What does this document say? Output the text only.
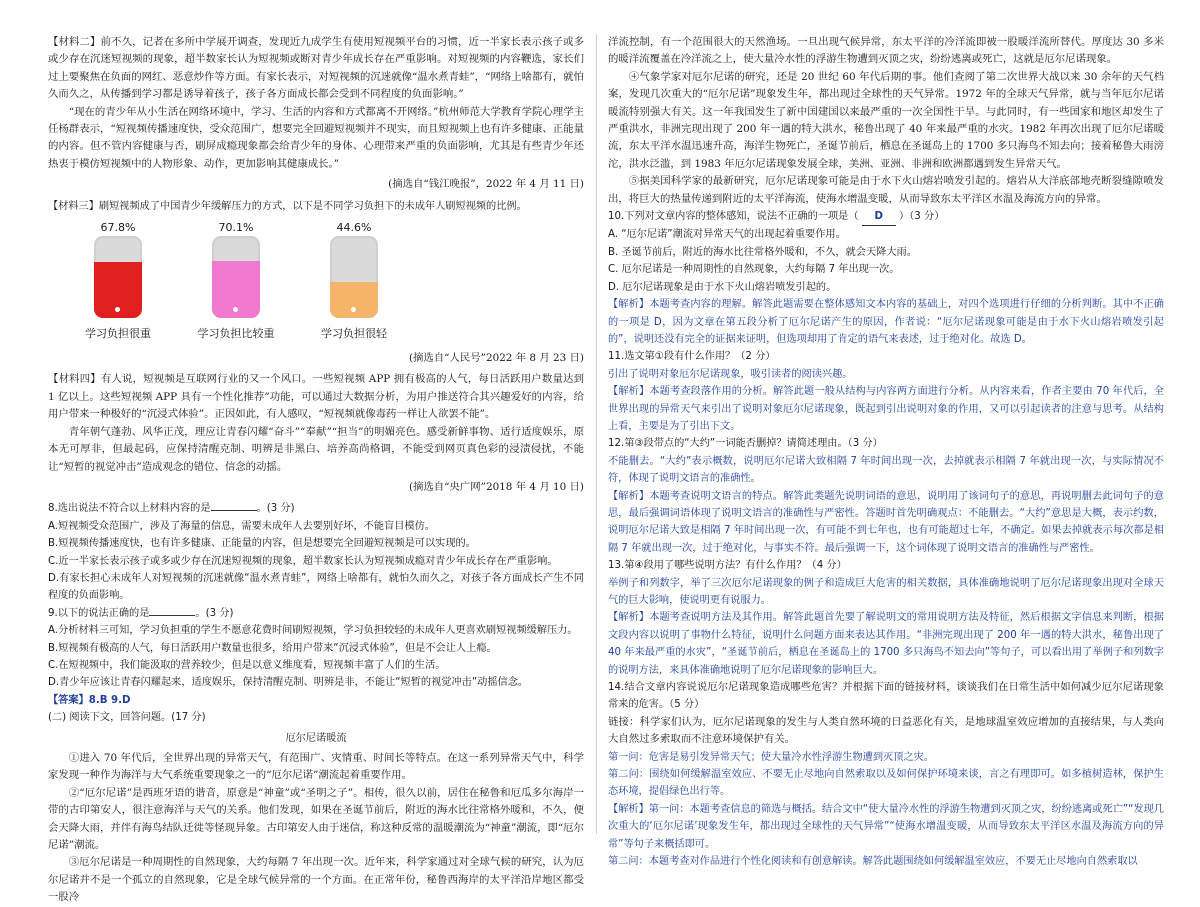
【材料二】前不久，记者在多所中学展开调查，发现近九成学生有使用短视频平台的习惯，近一半家长表示孩子或多或少存在沉迷短视频的现象，超半数家长认为短视频或断对青少年成长存在严重影响。对短视频的内容鞭选，家长们过上要聚焦在负面的网红、恶意炒作等方面。有家长表示，对短视频的沉迷就像“温水煮青蛙”，“网络上啥都有，就怕久而久之，从传播到学习都是诱导着孩子，孩子各方面成长都会受到不同程度的负面影响。”

“现在的青少年从小生活在网络环境中，学习、生活的内容和方式都离不开网络。”杭州师范大学教育学院心理学主任杨群表示，“短视频传播速度快，受众范围广，想要完全回避短视频并不现实，而且短视频上也有许多健康、正能量的内容。但不管内容健康与否，刷屏成瘾现象都会给青少年的身体、心理带来严重的负面影响，尤其是有些青少年还热衷于模仿短视频中的人物形象、动作，更加影响其健康成长。”

(摘选自“钱江晚报”，2022 年 4 月 11 日)

【材料三】刷短视频成了中国青少年缓解压力的方式，以下是不同学习负担下的未成年人刷短视频的比例。

67.8%
学习负担很重
70.1%
学习负担比较重
44.6%
学习负担很轻

(摘选自“人民号”2022 年 8 月 23 日)

【材料四】有人说，短视频是互联网行业的又一个风口。一些短视频 APP 拥有极高的人气，每日活跃用户数量达到 1 亿以上。这些短视频 APP 具有一个性化推荐”功能，可以通过大数据分析，为用户推送符合其兴趣爱好的内容，给用户带来一种极好的“沉浸式体验”。正因如此，有人感叹，“短视频就像毒药一样让人欲罢不能”。

青年朝气蓬勃、风华正茂，理应让青春闪耀“奋斗”“奉献”“担当”的明媚亮色。感受新鲜事物、适行适度娱乐，原本无可厚非，但最起码，应保持清醒克制、明辨是非黑白、培养高尚格调，不能受到网页真色彩的浸渍侵扰，不能让“短暂的视觉冲击”造成观念的错位、信念的动摇。

(摘选自“央广网”2018 年 4 月 10 日)

8.选出说法不符合以上材料内容的是	。(3 分)

A.短视频受众范围广，涉及了海量的信息，需要未成年人去要别好坏，不能盲目模仿。

B.短视频传播速度快，也有许多健康、正能量的内容，但是想要完全回避短视频是可以实现的。

C.近一半家长表示孩子或多或少存在沉迷短视频的现象，超半数家长认为短视频成瘾对青少年成长存在严重影响。

D.有家长担心未成年人对短视频的沉迷就像“温水煮青蛙”，网络上啥都有，就怕久而久之，对孩子各方面成长产生不同程度的负面影响。

9.以下的说法正确的是	。(3 分)

A.分析材料三可知，学习负担重的学生不愿意花费时间刷短视频，学习负担较轻的未成年人更喜欢刷短视频缓解压力。

B.短视频有极高的人气，每日活跃用户数量也很多，给用户带来“沉浸式体验”，但是不会让人上瘾。

C.在短视频中，我们能汲取的营养较少，但是以意义维度看，短视频丰富了人们的生活。

D.青少年应该让青春闪耀起来，适度娱乐，保持清醒克制、明辨是非，不能让“短暂的视觉冲击”动摇信念。

【答案】8.B 9.D

(二) 阅读下文，回答问题。(17 分)

厄尔尼诺暖流

①进入 70 年代后，全世界出现的异常天气，有范围广、灾情重、时间长等特点。在这一系列异常天气中，科学家发现一种作为海洋与大气系统重要现象之一的“厄尔尼诺”潮流起着重要作用。

②“厄尔尼诺”是西班牙语的谐音，原意是“神童”或“圣明之子”。相传，很久以前，居住在秘鲁和厄瓜多尔海岸一带的古印第安人，很注意海洋与天气的关系。他们发现，如果在圣诞节前后，附近的海水比往常格外暖和，不久，便会天降大雨，并伴有海鸟结队迁徙等怪现异象。古印第安人由于迷信，称这种反常的温暖潮流为“神童”潮流，即“厄尔尼诺”潮流。

③厄尔尼诺是一种周期性的自然现象，大约每隔 7 年出现一次。近年来，科学家通过对全球气候的研究，认为厄尔尼诺并不是一个孤立的自然现象，它是全球气候异常的一个方面。在正常年份，秘鲁西海岸的太平洋沿岸地区都受一股冷

洋流控制，有一个范围很大的天然渔场。一旦出现气候异常，东太平洋的冷洋流即被一股暖洋流所替代。厚度达 30 多米的暖洋流覆盖在冷洋流之上，使大量冷水性的浮游生物遭到灭顶之灾，纷纷逃离或死亡，这就是厄尔尼诺现象。

④气象学家对厄尔尼诺的研究，还是 20 世纪 60 年代后期的事。他们查阅了第二次世界大战以来 30 余年的天气档案，发现几次重大的“厄尔尼诺”现象发生年，都出现过全球性的天气异常。1972 年的全球天气异常，就与当年厄尔尼诺暖流特别强大有关。这一年我国发生了新中国建国以来最严重的一次全国性干旱。与此同时，有一些国家和地区却发生了严重洪水，非洲完现出现了 200 年一遇的特大洪水，秘鲁出现了 40 年来最严重的水灾。1982 年再次出现了厄尔尼诺暖流，东太平洋水温迅速升高，海洋生物死亡，圣诞节前后，栖息在圣诞岛上的 1700 多只海鸟不知去向；接着秘鲁大雨滂沱，洪水泛滥，到 1983 年厄尔尼诺现象发展全球，美洲、亚洲、非洲和欧洲都遇到发生异常天气。

⑤据美国科学家的最新研究，厄尔尼诺现象可能是由于水下火山熔岩喷发引起的。熔岩从大洋底部地壳断裂缝隙喷发出，将巨大的热量传递到附近的太平洋海流，使海水增温变暖，从而导致东太平洋区水温及海流方向的异常。

10.下列对文章内容的整体感知，说法不正确的一项是（ D ）（3 分）

A. “厄尔尼诺”潮流对异常天气的出现起着重要作用。

B. 圣诞节前后，附近的海水比往常格外暖和，不久，就会天降大雨。

C. 厄尔尼诺是一种周期性的自然现象，大约每隔 7 年出现一次。

D. 厄尔尼诺现象是由于水下火山熔岩喷发引起的。

【解析】本题考查内容的理解。解答此题需要在整体感知文本内容的基础上，对四个选项进行仔细的分析判断。其中不正确的一项是 D，因为文章在第五段分析了厄尔尼诺产生的原因，作者说：“厄尔尼诺现象可能是由于水下火山熔岩喷发引起的”，说明还没有完全的证据来证明，但选项却用了肯定的语气来表述，过于绝对化。故选 D。

11.选文第①段有什么作用？（2 分）

引出了说明对象厄尔尼诺现象，吸引读者的阅读兴趣。

【解析】本题考查段落作用的分析。解答此题一般从结构与内容两方面进行分析。从内容来看，作者主要由 70 年代后，全世界出现的异常天气来引出了说明对象厄尔尼诺现象，既起到引出说明对象的作用，又可以引起读者的注意与思考。从结构上看，主要是为了引出下文。

12.第③段带点的“大约”一词能否删掉？请简述理由。（3 分）

不能删去。“大约”表示概数，说明厄尔尼诺大致相隔 7 年时间出现一次，去掉就表示相隔 7 年就出现一次，与实际情况不符，体现了说明文语言的准确性。

【解析】本题考查说明文语言的特点。解答此类题先说明词语的意思，说明用了该词句子的意思，再说明删去此词句子的意思，最后强调词语体现了说明文语言的准确性与严密性。答题时首先明确观点：不能删去。“大约”意思是大概，表示约数，说明厄尔尼诺大致是相隔 7 年时间出现一次，有可能不到七年也，也有可能超过七年，不确定。如果去掉就表示每次都是相隔 7 年就出现一次，过于绝对化，与事实不符。最后强调一下，这个词体现了说明文语言的准确性与严密性。

13.第④段用了哪些说明方法？有什么作用？（4 分）

举例子和列数字，举了三次厄尔尼诺现象的例子和造成巨大危害的相关数据，具体准确地说明了厄尔尼诺现象出现对全球天气的巨大影响，使说明更有说服力。

【解析】本题考查说明方法及其作用。解答此题首先要了解说明文的常用说明方法及特征，然后根据文字信息来判断，根据文段内容以说明了事物什么特征，说明什么问题方面来表达其作用。“非洲完现出现了 200 年一遇的特大洪水，秘鲁出现了 40 年来最严重的水灾”，“圣诞节前后，栖息在圣诞岛上的 1700 多只海鸟不知去向”等句子，可以看出用了举例子和列数字的说明方法，来具体准确地说明了厄尔尼诺现象的影响巨大。

14.结合文章内容说说厄尔尼诺现象造成哪些危害？并根据下面的链接材料，谈谈我们在日常生活中如何减少厄尔尼诺现象常来的危害。（5 分）

链接：科学家们认为，厄尔尼诺现象的发生与人类自然环境的日益恶化有关，是地球温室效应增加的直接结果，与人类向大自然过多索取而不注意环境保护有关。

第一问：危害是易引发异常天气；使大量冷水性浮游生物遭到灭顶之灾。

第二问：围绕如何缓解温室效应、不要无止尽地向自然索取以及如何保护环境来谈，言之有理即可。如多植树造林，保护生态环境，提倡绿色出行等。

【解析】第一问：本题考查信息的筛选与概括。结合文中“使大量冷水性的浮游生物遭到灭顶之灾，纷纷逃离或死亡”“发现几次重大的‘厄尔尼诺’现象发生年，都出现过全球性的天气异常”“使海水增温变暖，从而导致东太平洋区水温及海流方向的异常”等句子来概括即可。

第二问：本题考查对作品进行个性化阅读和有创意解读。解答此题围绕如何缓解温室效应，不要无止尽地向自然索取以
